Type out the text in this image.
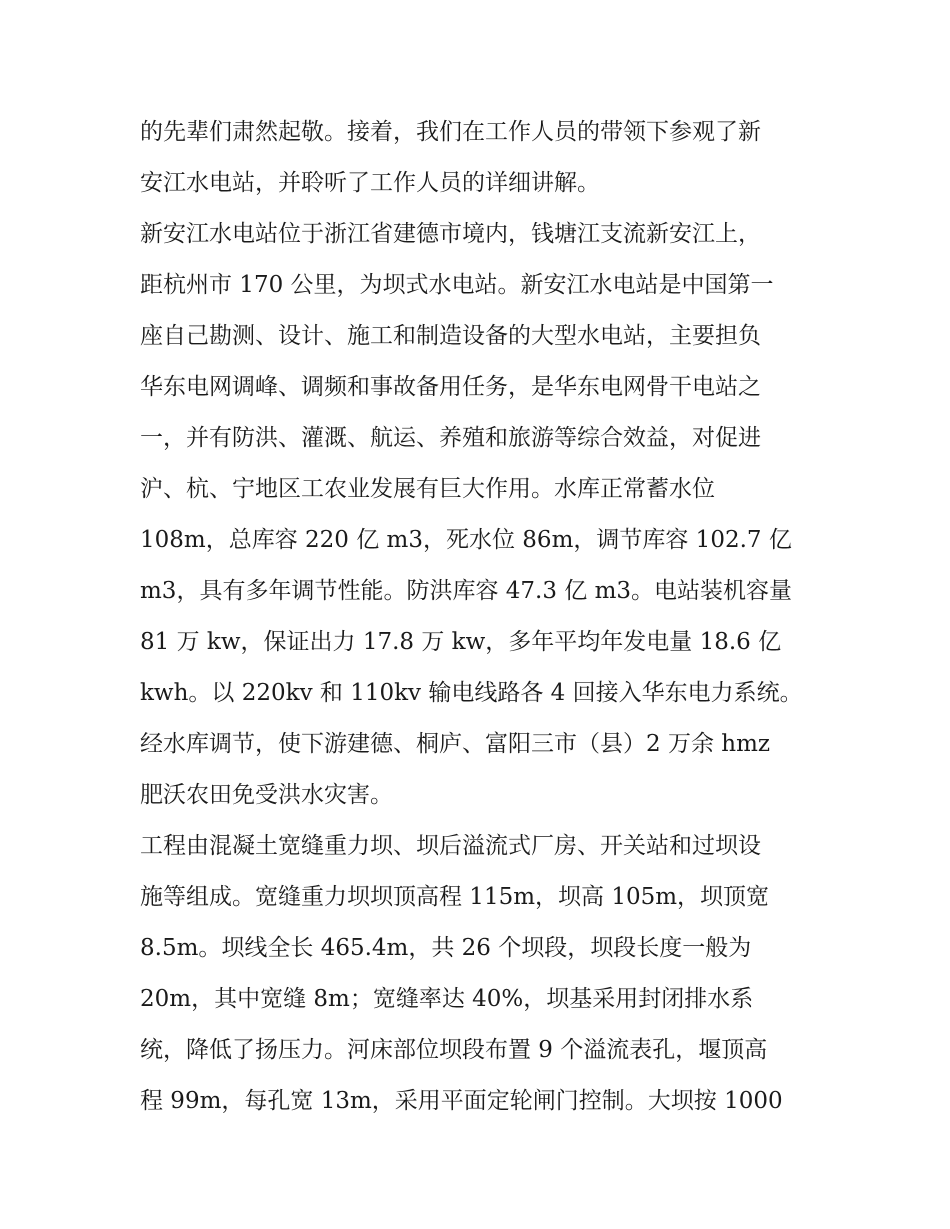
的先辈们肃然起敬。接着，我们在工作人员的带领下参观了新
安江水电站，并聆听了工作人员的详细讲解。
新安江水电站位于浙江省建德市境内，钱塘江支流新安江上，
距杭州市 170 公里，为坝式水电站。新安江水电站是中国第一
座自己勘测、设计、施工和制造设备的大型水电站，主要担负
华东电网调峰、调频和事故备用任务，是华东电网骨干电站之
一，并有防洪、灌溉、航运、养殖和旅游等综合效益，对促进
沪、杭、宁地区工农业发展有巨大作用。水库正常蓄水位
108m，总库容 220 亿 m3，死水位 86m，调节库容 102.7 亿
m3，具有多年调节性能。防洪库容 47.3 亿 m3。电站装机容量
81 万 kw，保证出力 17.8 万 kw，多年平均年发电量 18.6 亿
kwh。以 220kv 和 110kv 输电线路各 4 回接入华东电力系统。
经水库调节，使下游建德、桐庐、富阳三市（县）2 万余 hmz
肥沃农田免受洪水灾害。
工程由混凝土宽缝重力坝、坝后溢流式厂房、开关站和过坝设
施等组成。宽缝重力坝坝顶高程 115m，坝高 105m，坝顶宽
8.5m。坝线全长 465.4m，共 26 个坝段，坝段长度一般为
20m，其中宽缝 8m；宽缝率达 40%，坝基采用封闭排水系
统，降低了扬压力。河床部位坝段布置 9 个溢流表孔，堰顶高
程 99m，每孔宽 13m，采用平面定轮闸门控制。大坝按 1000
